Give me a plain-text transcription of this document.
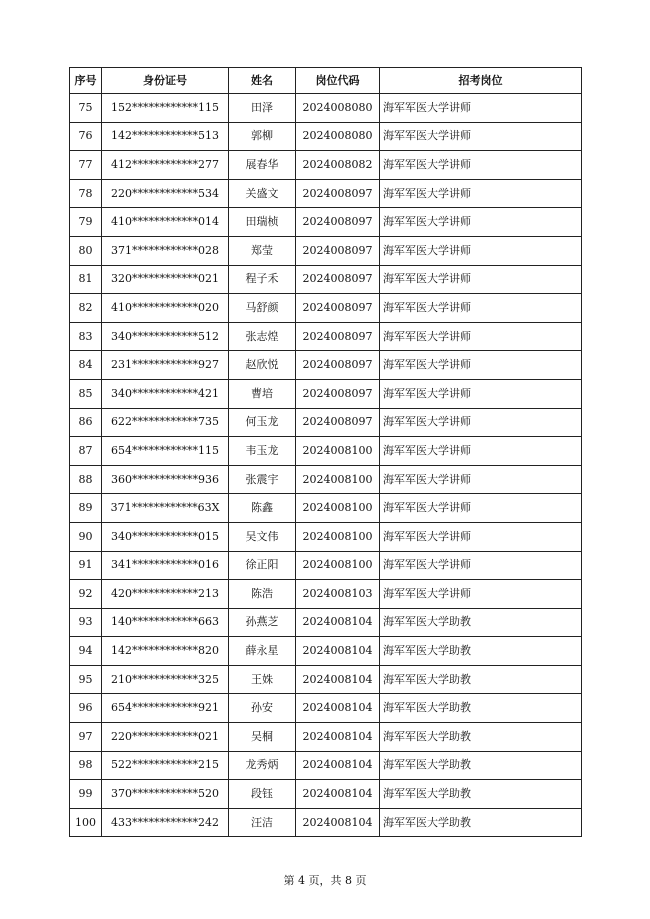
序号	身份证号	姓名	岗位代码	招考岗位
75	152************115	田泽	2024008080	海军军医大学讲师
76	142************513	郭柳	2024008080	海军军医大学讲师
77	412************277	展春华	2024008082	海军军医大学讲师
78	220************534	关盛文	2024008097	海军军医大学讲师
79	410************014	田瑞桢	2024008097	海军军医大学讲师
80	371************028	郑莹	2024008097	海军军医大学讲师
81	320************021	程子禾	2024008097	海军军医大学讲师
82	410************020	马舒颜	2024008097	海军军医大学讲师
83	340************512	张志煌	2024008097	海军军医大学讲师
84	231************927	赵欣悦	2024008097	海军军医大学讲师
85	340************421	曹培	2024008097	海军军医大学讲师
86	622************735	何玉龙	2024008097	海军军医大学讲师
87	654************115	韦玉龙	2024008100	海军军医大学讲师
88	360************936	张震宇	2024008100	海军军医大学讲师
89	371************63X	陈鑫	2024008100	海军军医大学讲师
90	340************015	吴文伟	2024008100	海军军医大学讲师
91	341************016	徐正阳	2024008100	海军军医大学讲师
92	420************213	陈浩	2024008103	海军军医大学讲师
93	140************663	孙燕芝	2024008104	海军军医大学助教
94	142************820	薛永星	2024008104	海军军医大学助教
95	210************325	王姝	2024008104	海军军医大学助教
96	654************921	孙安	2024008104	海军军医大学助教
97	220************021	吴桐	2024008104	海军军医大学助教
98	522************215	龙秀炳	2024008104	海军军医大学助教
99	370************520	段钰	2024008104	海军军医大学助教
100	433************242	汪洁	2024008104	海军军医大学助教
第 4 页，共 8 页
